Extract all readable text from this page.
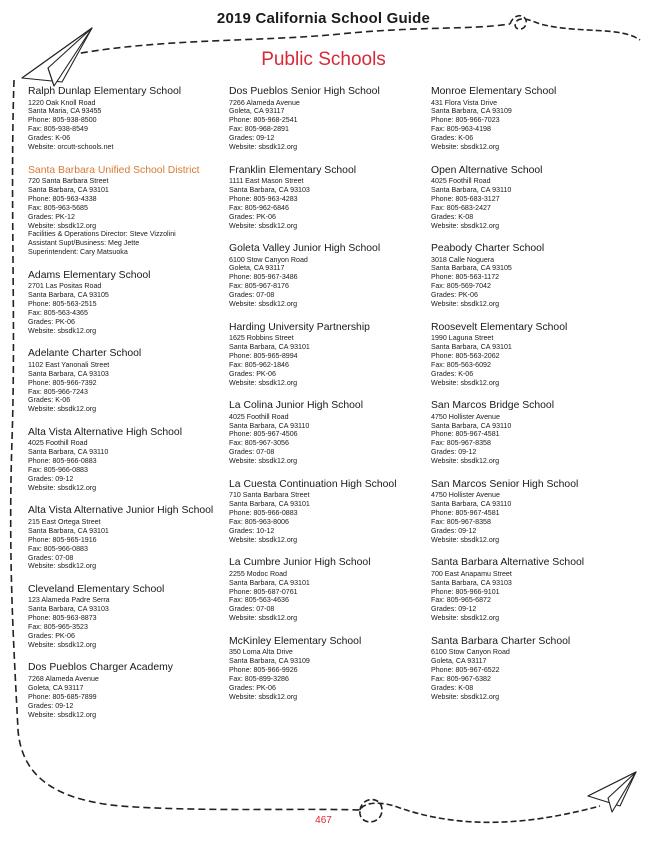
2019 California School Guide
Public Schools
Ralph Dunlap Elementary School
1220 Oak Knoll Road
Santa Maria, CA 93455
Phone: 805-938-8500
Fax: 805-938-8549
Grades: K-06
Website: orcutt-schools.net
Santa Barbara Unified School District
720 Santa Barbara Street
Santa Barbara, CA 93101
Phone: 805-963-4338
Fax: 805-963-5685
Grades: PK-12
Website: sbsdk12.org
Facilities & Operations Director: Steve Vizzolini
Assistant Supt/Business: Meg Jette
Superintendent: Cary Matsuoka
Adams Elementary School
2701 Las Positas Road
Santa Barbara, CA 93105
Phone: 805-563-2515
Fax: 805-563-4365
Grades: PK-06
Website: sbsdk12.org
Adelante Charter School
1102 East Yanonali Street
Santa Barbara, CA 93103
Phone: 805-966-7392
Fax: 805-966-7243
Grades: K-06
Website: sbsdk12.org
Alta Vista Alternative High School
4025 Foothill Road
Santa Barbara, CA 93110
Phone: 805-966-0883
Fax: 805-966-0883
Grades: 09-12
Website: sbsdk12.org
Alta Vista Alternative Junior High School
215 East Ortega Street
Santa Barbara, CA 93101
Phone: 805-965-1916
Fax: 805-966-0883
Grades: 07-08
Website: sbsdk12.org
Cleveland Elementary School
123 Alameda Padre Serra
Santa Barbara, CA 93103
Phone: 805-963-8873
Fax: 805-965-3523
Grades: PK-06
Website: sbsdk12.org
Dos Pueblos Charger Academy
7268 Alameda Avenue
Goleta, CA 93117
Phone: 805-685-7899
Grades: 09-12
Website: sbsdk12.org
Dos Pueblos Senior High School
7266 Alameda Avenue
Goleta, CA 93117
Phone: 805-968-2541
Fax: 805-968-2891
Grades: 09-12
Website: sbsdk12.org
Franklin Elementary School
1111 East Mason Street
Santa Barbara, CA 93103
Phone: 805-963-4283
Fax: 805-962-6846
Grades: PK-06
Website: sbsdk12.org
Goleta Valley Junior High School
6100 Stow Canyon Road
Goleta, CA 93117
Phone: 805-967-3486
Fax: 805-967-8176
Grades: 07-08
Website: sbsdk12.org
Harding University Partnership
1625 Robbins Street
Santa Barbara, CA 93101
Phone: 805-965-8994
Fax: 805-962-1846
Grades: PK-06
Website: sbsdk12.org
La Colina Junior High School
4025 Foothill Road
Santa Barbara, CA 93110
Phone: 805-967-4506
Fax: 805-967-3056
Grades: 07-08
Website: sbsdk12.org
La Cuesta Continuation High School
710 Santa Barbara Street
Santa Barbara, CA 93101
Phone: 805-966-0883
Fax: 805-963-8006
Grades: 10-12
Website: sbsdk12.org
La Cumbre Junior High School
2255 Modoc Road
Santa Barbara, CA 93101
Phone: 805-687-0761
Fax: 805-563-4636
Grades: 07-08
Website: sbsdk12.org
McKinley Elementary School
350 Loma Alta Drive
Santa Barbara, CA 93109
Phone: 805-966-9926
Fax: 805-899-3286
Grades: PK-06
Website: sbsdk12.org
Monroe Elementary School
431 Flora Vista Drive
Santa Barbara, CA 93109
Phone: 805-966-7023
Fax: 805-963-4198
Grades: K-06
Website: sbsdk12.org
Open Alternative School
4025 Foothill Road
Santa Barbara, CA 93110
Phone: 805-683-3127
Fax: 805-683-2427
Grades: K-08
Website: sbsdk12.org
Peabody Charter School
3018 Calle Noguera
Santa Barbara, CA 93105
Phone: 805-563-1172
Fax: 805-569-7042
Grades: PK-06
Website: sbsdk12.org
Roosevelt Elementary School
1990 Laguna Street
Santa Barbara, CA 93101
Phone: 805-563-2062
Fax: 805-563-6092
Grades: K-06
Website: sbsdk12.org
San Marcos Bridge School
4750 Hollister Avenue
Santa Barbara, CA 93110
Phone: 805-967-4581
Fax: 805-967-8358
Grades: 09-12
Website: sbsdk12.org
San Marcos Senior High School
4750 Hollister Avenue
Santa Barbara, CA 93110
Phone: 805-967-4581
Fax: 805-967-8358
Grades: 09-12
Website: sbsdk12.org
Santa Barbara Alternative School
700 East Anapamu Street
Santa Barbara, CA 93103
Phone: 805-966-9101
Fax: 805-965-6872
Grades: 09-12
Website: sbsdk12.org
Santa Barbara Charter School
6100 Stow Canyon Road
Goleta, CA 93117
Phone: 805-967-6522
Fax: 805-967-6382
Grades: K-08
Website: sbsdk12.org
467
